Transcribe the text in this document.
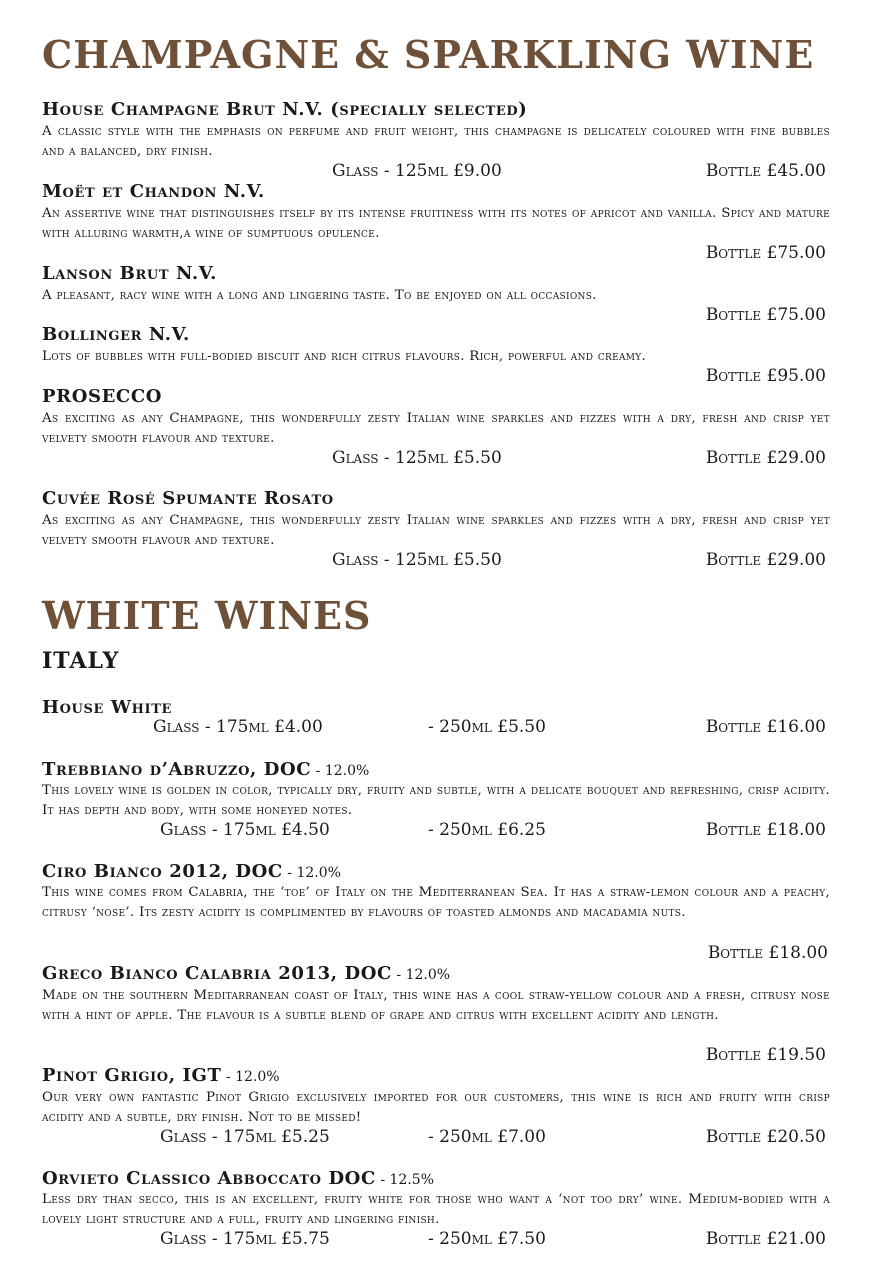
CHAMPAGNE & SPARKLING WINE
House Champagne Brut N.V. (specially selected)
A classic style with the emphasis on perfume and fruit weight, this champagne is delicately coloured with fine bubbles and a balanced, dry finish.
Glass - 125ml £9.00	Bottle £45.00
Moët et Chandon N.V.
An assertive wine that distinguishes itself by its intense fruitiness with its notes of apricot and vanilla. Spicy and mature with alluring warmth,a wine of sumptuous opulence.
Bottle £75.00
Lanson Brut N.V.
A pleasant, racy wine with a long and lingering taste. To be enjoyed on all occasions.
Bottle £75.00
Bollinger N.V.
Lots of bubbles with full-bodied biscuit and rich citrus flavours. Rich, powerful and creamy.
Bottle £95.00
PROSECCO
As exciting as any Champagne, this wonderfully zesty Italian wine sparkles and fizzes with a dry, fresh and crisp yet velvety smooth flavour and texture.
Glass - 125ml £5.50	Bottle £29.00
Cuvée Rosé Spumante Rosato
As exciting as any Champagne, this wonderfully zesty Italian wine sparkles and fizzes with a dry, fresh and crisp yet velvety smooth flavour and texture.
Glass - 125ml £5.50	Bottle £29.00
WHITE WINES
ITALY
House White
Glass - 175ml £4.00	- 250ml £5.50	Bottle £16.00
Trebbiano d’Abruzzo, DOC - 12.0%
This lovely wine is golden in color, typically dry, fruity and subtle, with a delicate bouquet and refreshing, crisp acidity. It has depth and body, with some honeyed notes.
Glass - 175ml £4.50	- 250ml £6.25	Bottle £18.00
Ciro Bianco 2012, DOC - 12.0%
This wine comes from Calabria, the ‘toe’ of Italy on the Mediterranean Sea. It has a straw-lemon colour and a peachy, citrusy ‘nose’. Its zesty acidity is complimented by flavours of toasted almonds and macadamia nuts.
Bottle £18.00
Greco Bianco Calabria 2013, DOC - 12.0%
Made on the southern Meditarranean coast of Italy, this wine has a cool straw-yellow colour and a fresh, citrusy nose with a hint of apple. The flavour is a subtle blend of grape and citrus with excellent acidity and length.
Bottle £19.50
Pinot Grigio, IGT - 12.0%
Our very own fantastic Pinot Grigio exclusively imported for our customers, this wine is rich and fruity with crisp acidity and a subtle, dry finish. Not to be missed!
Glass - 175ml £5.25	- 250ml £7.00	Bottle £20.50
Orvieto Classico Abboccato DOC - 12.5%
Less dry than secco, this is an excellent, fruity white for those who want a ‘not too dry’ wine. Medium-bodied with a lovely light structure and a full, fruity and lingering finish.
Glass - 175ml £5.75	- 250ml £7.50	Bottle £21.00
